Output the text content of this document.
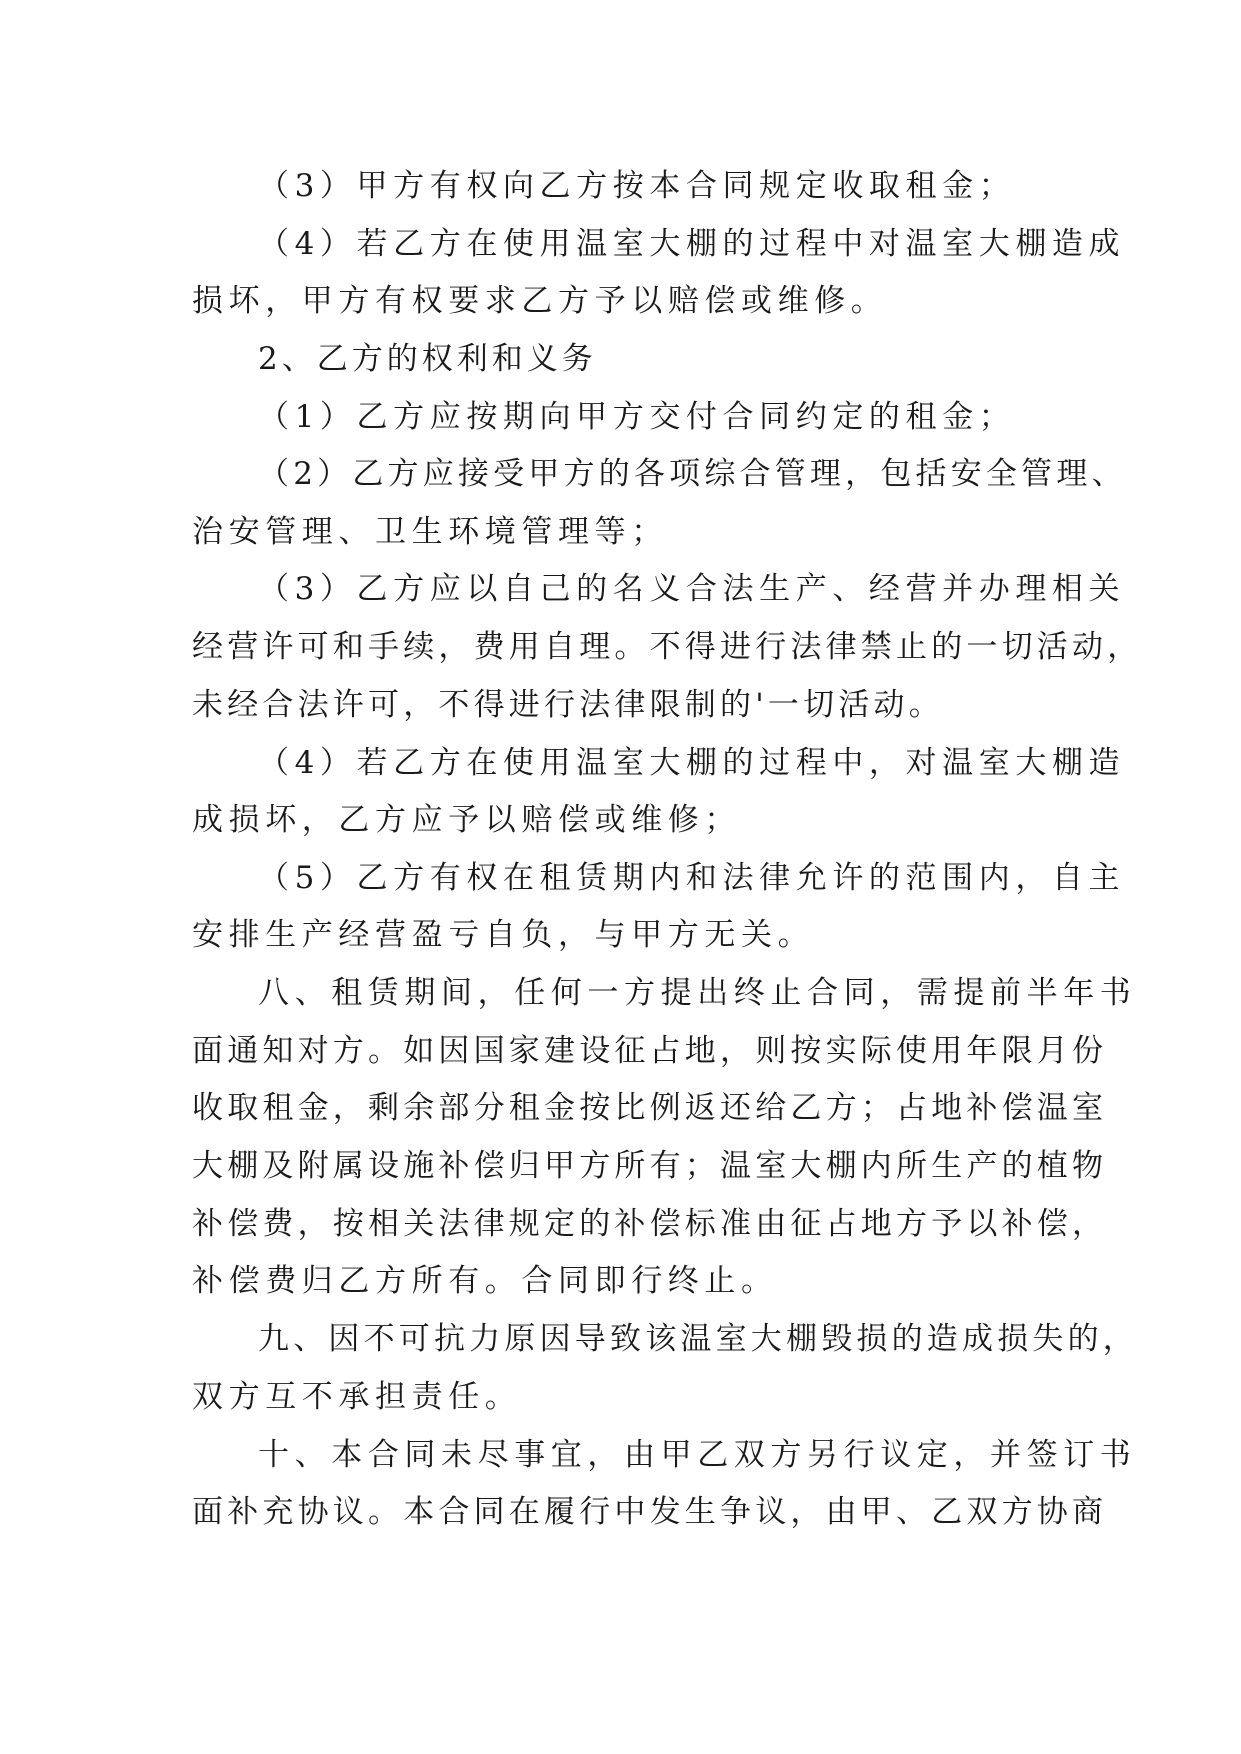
（3）甲方有权向乙方按本合同规定收取租金；
（4）若乙方在使用温室大棚的过程中对温室大棚造成
损坏，甲方有权要求乙方予以赔偿或维修。
2、乙方的权利和义务
（1）乙方应按期向甲方交付合同约定的租金；
（2）乙方应接受甲方的各项综合管理，包括安全管理、
治安管理、卫生环境管理等；
（3）乙方应以自己的名义合法生产、经营并办理相关
经营许可和手续，费用自理。不得进行法律禁止的一切活动，
未经合法许可，不得进行法律限制的'一切活动。
（4）若乙方在使用温室大棚的过程中，对温室大棚造
成损坏，乙方应予以赔偿或维修；
（5）乙方有权在租赁期内和法律允许的范围内，自主
安排生产经营盈亏自负，与甲方无关。
八、租赁期间，任何一方提出终止合同，需提前半年书
面通知对方。如因国家建设征占地，则按实际使用年限月份
收取租金，剩余部分租金按比例返还给乙方；占地补偿温室
大棚及附属设施补偿归甲方所有；温室大棚内所生产的植物
补偿费，按相关法律规定的补偿标准由征占地方予以补偿，
补偿费归乙方所有。合同即行终止。
九、因不可抗力原因导致该温室大棚毁损的造成损失的，
双方互不承担责任。
十、本合同未尽事宜，由甲乙双方另行议定，并签订书
面补充协议。本合同在履行中发生争议，由甲、乙双方协商
